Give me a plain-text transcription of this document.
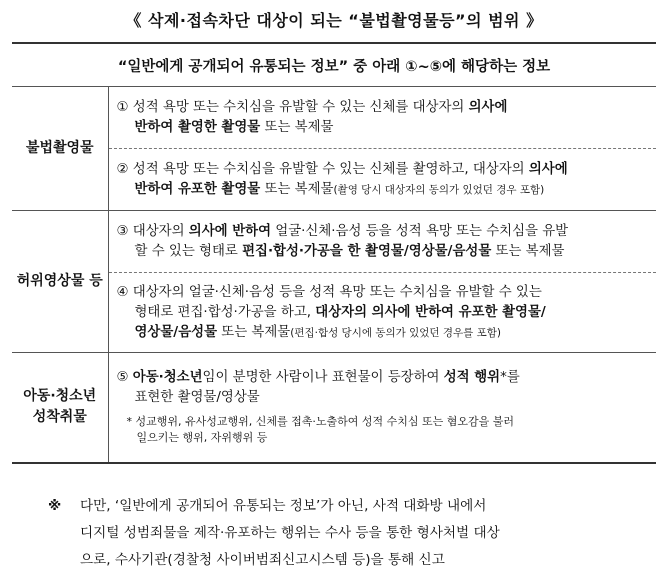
《 삭제·접속차단 대상이 되는 “불법촬영물등”의 범위 》
“일반에게 공개되어 유통되는 정보” 중 아래 ①~⑤에 해당하는 정보	
불법촬영물	① 성적 욕망 또는 수치심을 유발할 수 있는 신체를 대상자의 의사에
반하여 촬영한 촬영물 또는 복제물

	② 성적 욕망 또는 수치심을 유발할 수 있는 신체를 촬영하고, 대상자의 의사에
반하여 유포한 촬영물 또는 복제물(촬영 당시 대상자의 동의가 있었던 경우 포함)

허위영상물 등	③ 대상자의 의사에 반하여 얼굴·신체·음성 등을 성적 욕망 또는 수치심을 유발
할 수 있는 형태로 편집·합성·가공을 한 촬영물/영상물/음성물 또는 복제물

	④ 대상자의 얼굴·신체·음성 등을 성적 욕망 또는 수치심을 유발할 수 있는
형태로 편집·합성·가공을 하고, 대상자의 의사에 반하여 유포한 촬영물/
영상물/음성물 또는 복제물(편집·합성 당시에 동의가 있었던 경우를 포함)

아동·청소년
성착취물	⑤ 아동·청소년임이 분명한 사람이나 표현물이 등장하여 성적 행위*를
표현한 촬영물/영상물
* 성교행위, 유사성교행위, 신체를 접촉·노출하여 성적 수치심 또는 혐오감을 불러
일으키는 행위, 자위행위 등
※ 다만, ‘일반에게 공개되어 유통되는 정보’가 아닌, 사적 대화방 내에서
디지털 성범죄물을 제작·유포하는 행위는 수사 등을 통한 형사처벌 대상
으로, 수사기관(경찰청 사이버범죄신고시스템 등)을 통해 신고
